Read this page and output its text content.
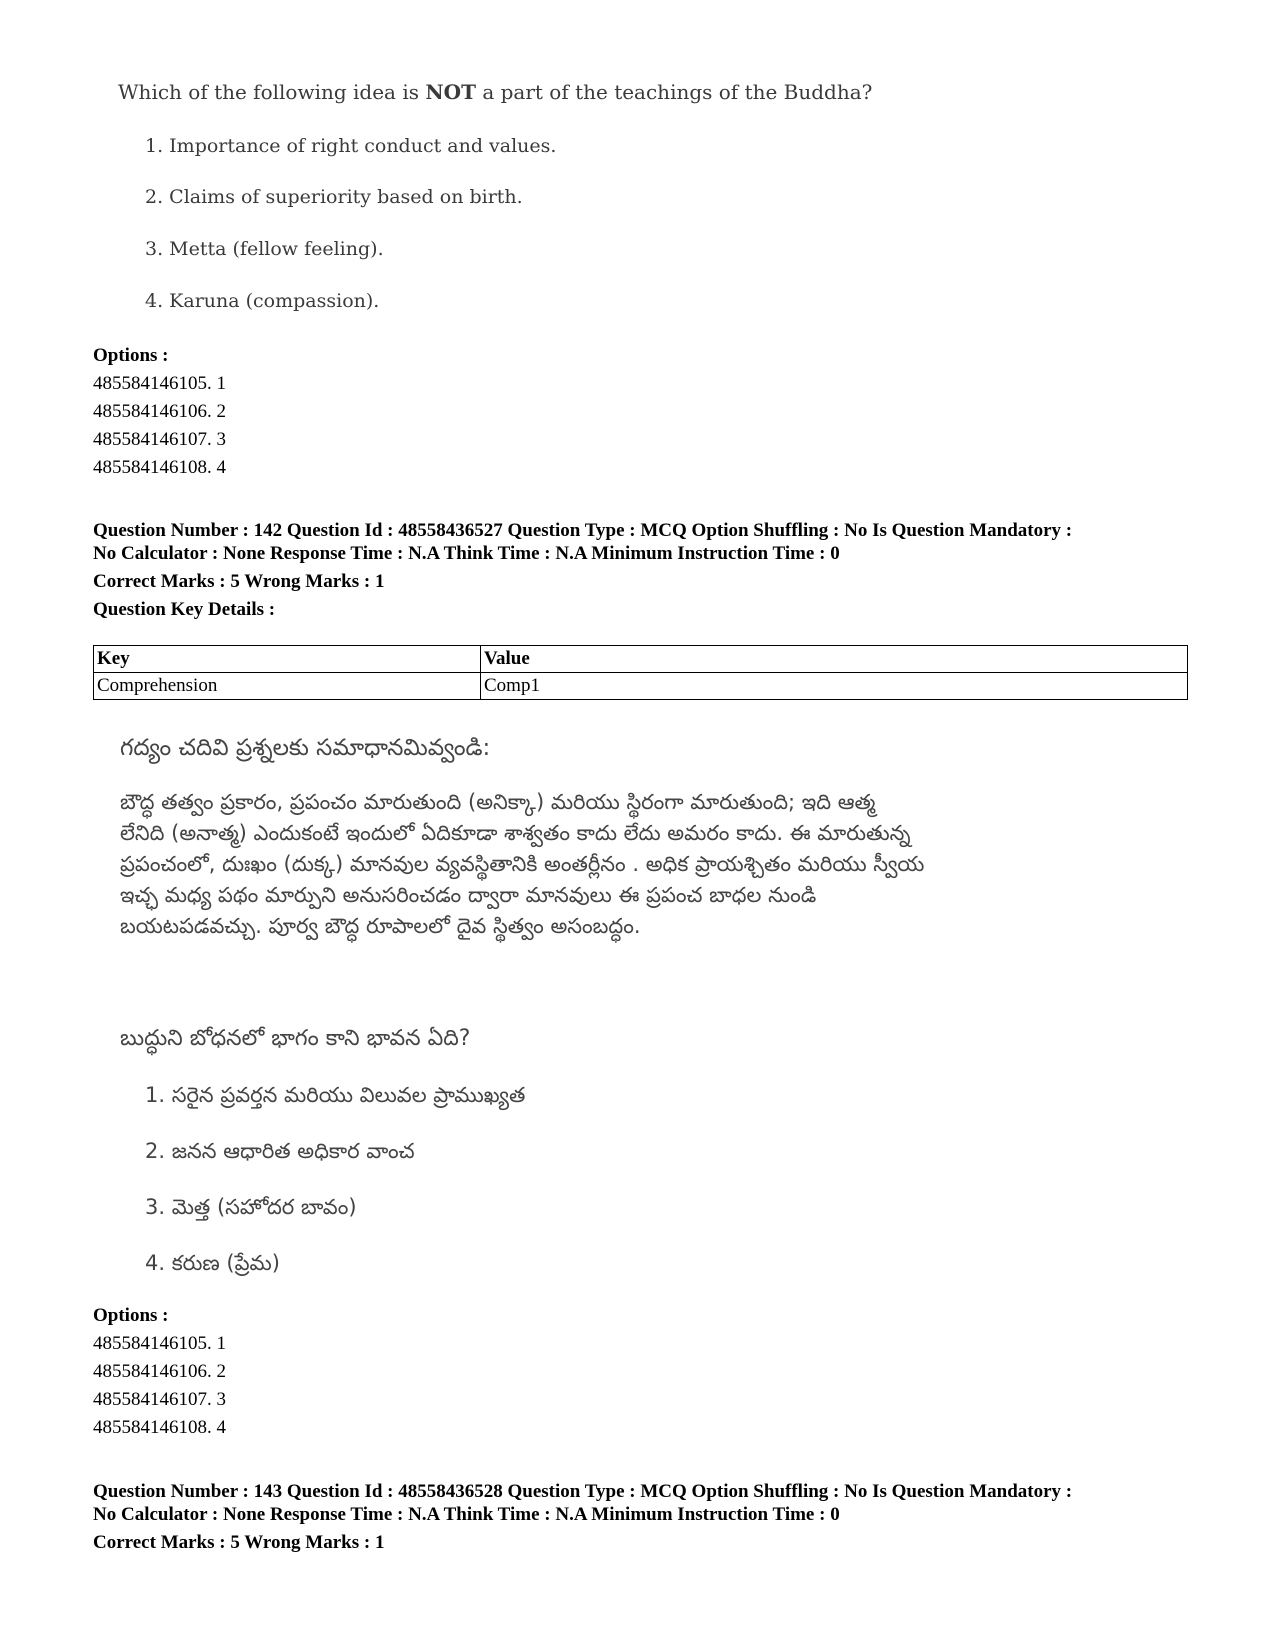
Which of the following idea is NOT a part of the teachings of the Buddha?
1. Importance of right conduct and values.
2. Claims of superiority based on birth.
3. Metta (fellow feeling).
4. Karuna (compassion).
Options :
485584146105. 1
485584146106. 2
485584146107. 3
485584146108. 4
Question Number : 142 Question Id : 48558436527 Question Type : MCQ Option Shuffling : No Is Question Mandatory :
No Calculator : None Response Time : N.A Think Time : N.A Minimum Instruction Time : 0
Correct Marks : 5 Wrong Marks : 1
Question Key Details :
Key	Value
Comprehension	Comp1
గద్యం చదివి ప్రశ్నలకు సమాధానమివ్వండి:
బౌద్ధ తత్వం ప్రకారం, ప్రపంచం మారుతుంది (అనిక్కా) మరియు స్థిరంగా మారుతుంది; ఇది ఆత్మ
లేనిది (అనాత్మ) ఎందుకంటే ఇందులో ఏదికూడా శాశ్వతం కాదు లేదు అమరం కాదు. ఈ మారుతున్న
ప్రపంచంలో, దుఃఖం (దుక్క) మానవుల వ్యవస్థితానికి అంతర్లీనం . అధిక ప్రాయశ్చితం మరియు స్వీయ
ఇచ్ఛ మధ్య పథం మార్పుని అనుసరించడం ద్వారా మానవులు ఈ ప్రపంచ బాధల నుండి
బయటపడవచ్చు. పూర్వ బౌద్ధ రూపాలలో దైవ స్థిత్వం అసంబద్ధం.
బుద్ధుని బోధనలో భాగం కాని భావన ఏది?
1. సరైన ప్రవర్తన మరియు విలువల ప్రాముఖ్యత
2. జనన ఆధారిత అధికార వాంచ
3. మెత్త (సహోదర బావం)
4. కరుణ (ప్రేమ)
Options :
485584146105. 1
485584146106. 2
485584146107. 3
485584146108. 4
Question Number : 143 Question Id : 48558436528 Question Type : MCQ Option Shuffling : No Is Question Mandatory :
No Calculator : None Response Time : N.A Think Time : N.A Minimum Instruction Time : 0
Correct Marks : 5 Wrong Marks : 1
